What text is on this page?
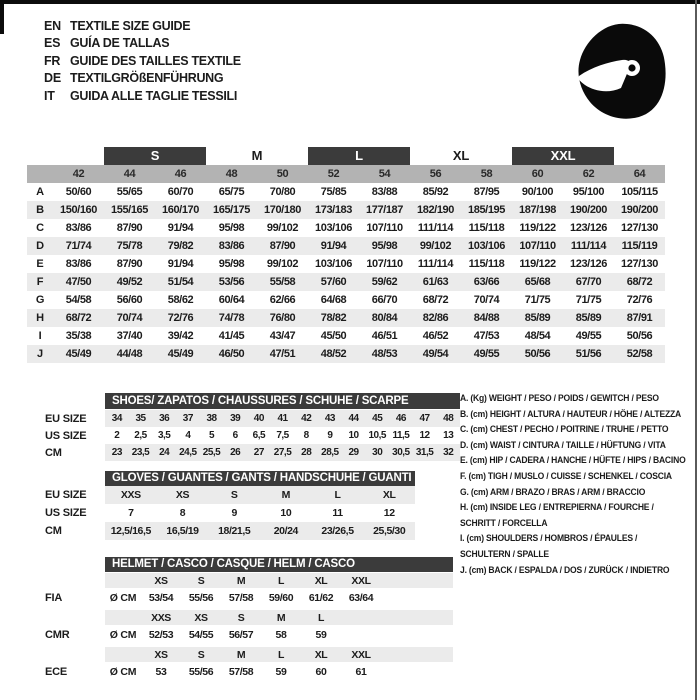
EN TEXTILE SIZE GUIDE
ES GUÍA DE TALLAS
FR GUIDE DES TAILLES TEXTILE
DE TEXTILGRÖßENFÜHRUNG
IT	GUIDA ALLE TAGLIE TESSILI
S	M	L	XL	XXL
42	44	46	48	50	52	54	56	58	60	62	64
A	50/60	55/65	60/70	65/75	70/80	75/85	83/88	85/92	87/95	90/100	95/100	105/115
B	150/160	155/165	160/170	165/175	170/180	173/183	177/187	182/190	185/195	187/198	190/200	190/200
C	83/86	87/90	91/94	95/98	99/102	103/106	107/110	111/114	115/118	119/122	123/126	127/130
D	71/74	75/78	79/82	83/86	87/90	91/94	95/98	99/102	103/106	107/110	111/114	115/119
E	83/86	87/90	91/94	95/98	99/102	103/106	107/110	111/114	115/118	119/122	123/126	127/130
F	47/50	49/52	51/54	53/56	55/58	57/60	59/62	61/63	63/66	65/68	67/70	68/72
G	54/58	56/60	58/62	60/64	62/66	64/68	66/70	68/72	70/74	71/75	71/75	72/76
H	68/72	70/74	72/76	74/78	76/80	78/82	80/84	82/86	84/88	85/89	85/89	87/91
I	35/38	37/40	39/42	41/45	43/47	45/50	46/51	46/52	47/53	48/54	49/55	50/56
J	45/49	44/48	45/49	46/50	47/51	48/52	48/53	49/54	49/55	50/56	51/56	52/58
SHOES/ ZAPATOS / CHAUSSURES / SCHUHE / SCARPE
EU SIZE	34	35	36	37	38	39	40	41	42	43	44	45	46	47	48
US SIZE	2	2,5	3,5	4	5	6	6,5	7,5	8	9	10 10,5 11,5	12	13
CM	23 23,5 24 24,5 25,5 26	27 27,5 28 28,5 29	30 30,5 31,5 32
GLOVES / GUANTES / GANTS / HANDSCHUHE / GUANTI
EU SIZE	XXS	XS	S	M	L	XL
US SIZE	7	8	9	10	11	12
CM	12,5/16,5	16,5/19	18/21,5	20/24	23/26,5	25,5/30
HELMET / CASCO / CASQUE / HELM / CASCO
XS	S	M	L	XL	XXL
FIA	Ø CM	53/54	55/56	57/58	59/60	61/62	63/64
XXS	XS	S	M	L
CMR	Ø CM	52/53	54/55	56/57	58	59
XS	S	M	L	XL	XXL
ECE	Ø CM	53	55/56	57/58	59	60	61
A. (Kg) WEIGHT / PESO / POIDS / GEWITCH / PESO
B. (cm) HEIGHT / ALTURA / HAUTEUR / HÖHE / ALTEZZA
C. (cm) CHEST / PECHO / POITRINE / TRUHE / PETTO
D. (cm) WAIST / CINTURA / TAILLE / HÜFTUNG / VITA
E. (cm) HIP / CADERA / HANCHE / HÜFTE / HIPS / BACINO
F. (cm) TIGH / MUSLO / CUISSE / SCHENKEL / COSCIA
G. (cm) ARM / BRAZO / BRAS / ARM / BRACCIO
H. (cm) INSIDE LEG / ENTREPIERNA / FOURCHE /
SCHRITT / FORCELLA
I. (cm) SHOULDERS / HOMBROS / ÉPAULES /
SCHULTERN / SPALLE
J. (cm) BACK / ESPALDA / DOS / ZURÜCK / INDIETRO
